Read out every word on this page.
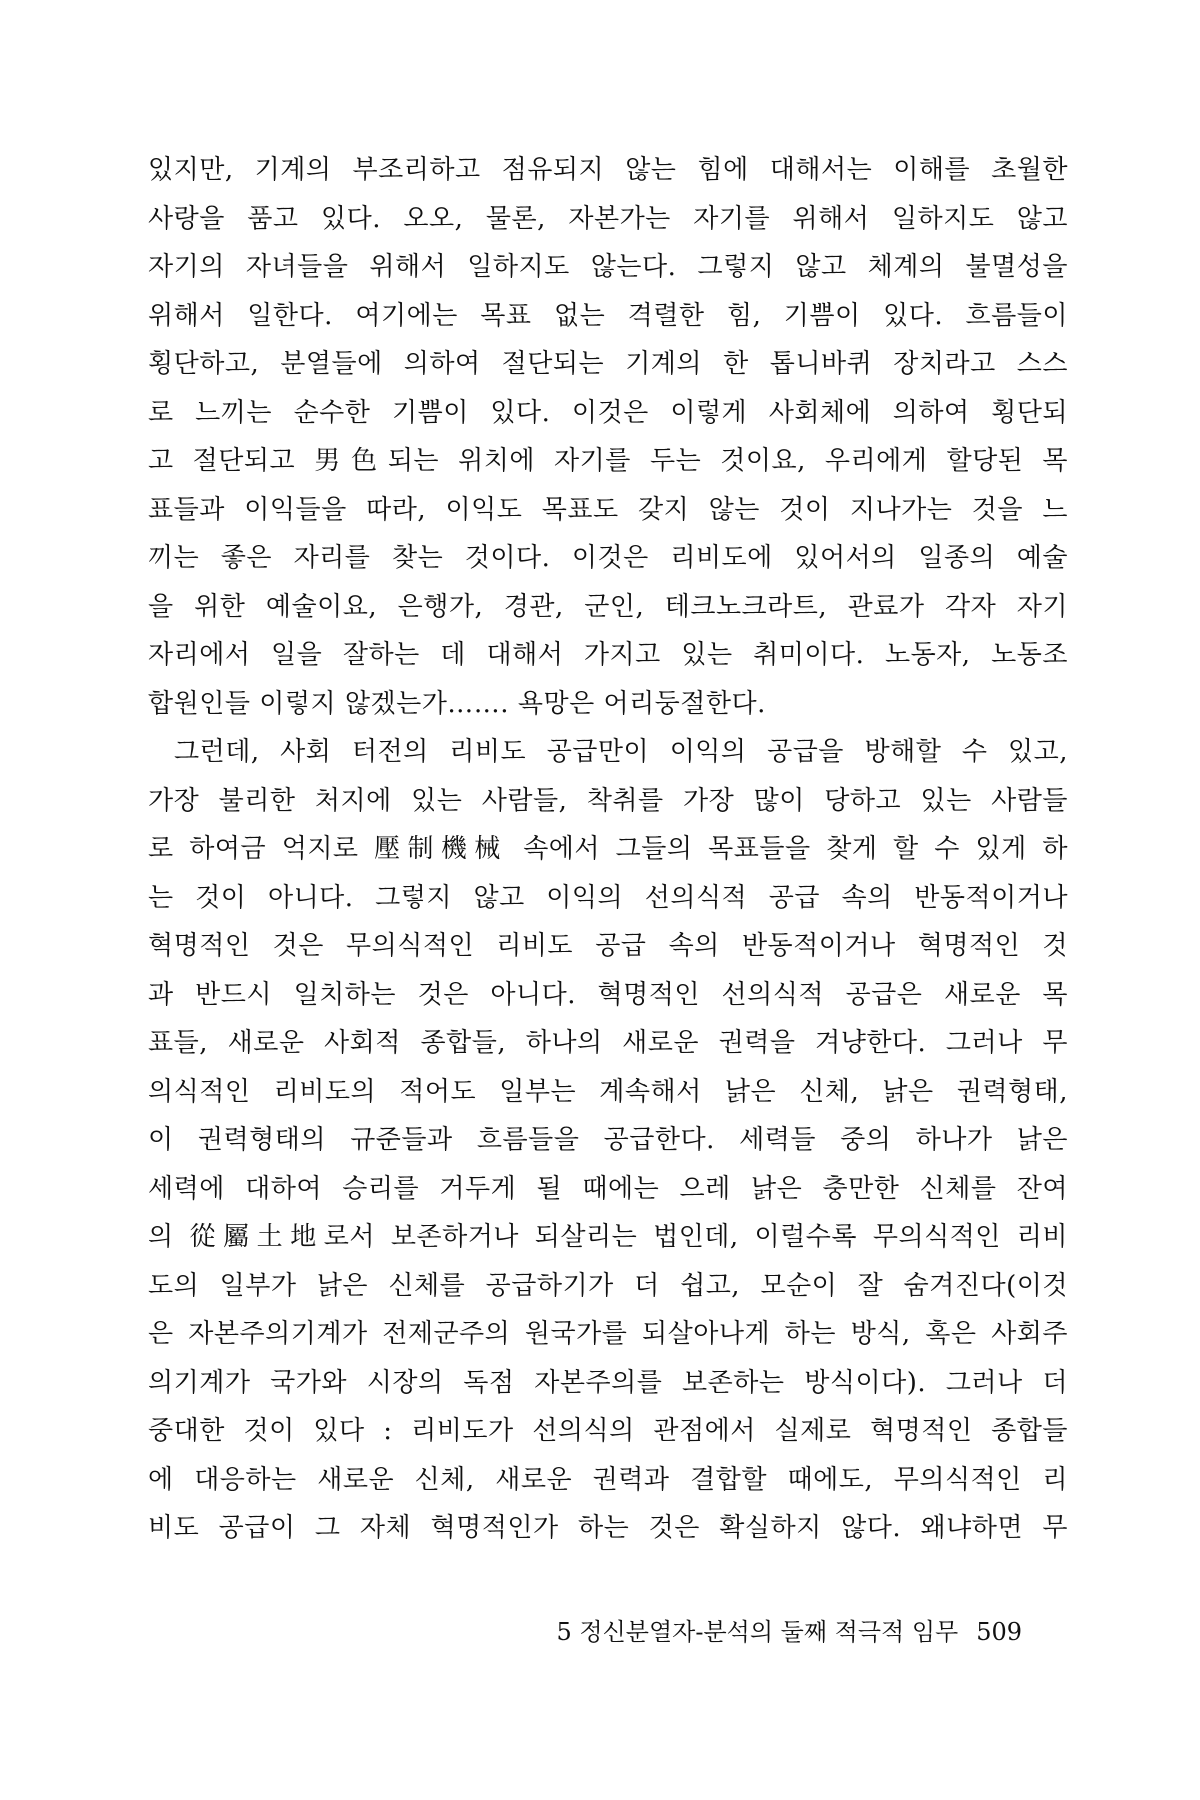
있지만, 기계의 부조리하고 점유되지 않는 힘에 대해서는 이해를 초월한
사랑을 품고 있다. 오오, 물론, 자본가는 자기를 위해서 일하지도 않고
자기의 자녀들을 위해서 일하지도 않는다. 그렇지 않고 체계의 불멸성을
위해서 일한다. 여기에는 목표 없는 격렬한 힘, 기쁨이 있다. 흐름들이
횡단하고, 분열들에 의하여 절단되는 기계의 한 톱니바퀴 장치라고 스스
로 느끼는 순수한 기쁨이 있다. 이것은 이렇게 사회체에 의하여 횡단되
고 절단되고 男色되는 위치에 자기를 두는 것이요, 우리에게 할당된 목
표들과 이익들을 따라, 이익도 목표도 갖지 않는 것이 지나가는 것을 느
끼는 좋은 자리를 찾는 것이다. 이것은 리비도에 있어서의 일종의 예술
을 위한 예술이요, 은행가, 경관, 군인, 테크노크라트, 관료가 각자 자기
자리에서 일을 잘하는 데 대해서 가지고 있는 취미이다. 노동자, 노동조
합원인들 이렇지 않겠는가……. 욕망은 어리둥절한다.
그런데, 사회 터전의 리비도 공급만이 이익의 공급을 방해할 수 있고,
가장 불리한 처지에 있는 사람들, 착취를 가장 많이 당하고 있는 사람들
로 하여금 억지로 壓制機械 속에서 그들의 목표들을 찾게 할 수 있게 하
는 것이 아니다. 그렇지 않고 이익의 선의식적 공급 속의 반동적이거나
혁명적인 것은 무의식적인 리비도 공급 속의 반동적이거나 혁명적인 것
과 반드시 일치하는 것은 아니다. 혁명적인 선의식적 공급은 새로운 목
표들, 새로운 사회적 종합들, 하나의 새로운 권력을 겨냥한다. 그러나 무
의식적인 리비도의 적어도 일부는 계속해서 낡은 신체, 낡은 권력형태,
이 권력형태의 규준들과 흐름들을 공급한다. 세력들 중의 하나가 낡은
세력에 대하여 승리를 거두게 될 때에는 으레 낡은 충만한 신체를 잔여
의 從屬土地로서 보존하거나 되살리는 법인데, 이럴수록 무의식적인 리비
도의 일부가 낡은 신체를 공급하기가 더 쉽고, 모순이 잘 숨겨진다(이것
은 자본주의기계가 전제군주의 원국가를 되살아나게 하는 방식, 혹은 사회주
의기계가 국가와 시장의 독점 자본주의를 보존하는 방식이다). 그러나 더
중대한 것이 있다 : 리비도가 선의식의 관점에서 실제로 혁명적인 종합들
에 대응하는 새로운 신체, 새로운 권력과 결합할 때에도, 무의식적인 리
비도 공급이 그 자체 혁명적인가 하는 것은 확실하지 않다. 왜냐하면 무
5 정신분열자-분석의 둘째 적극적 임무 509
